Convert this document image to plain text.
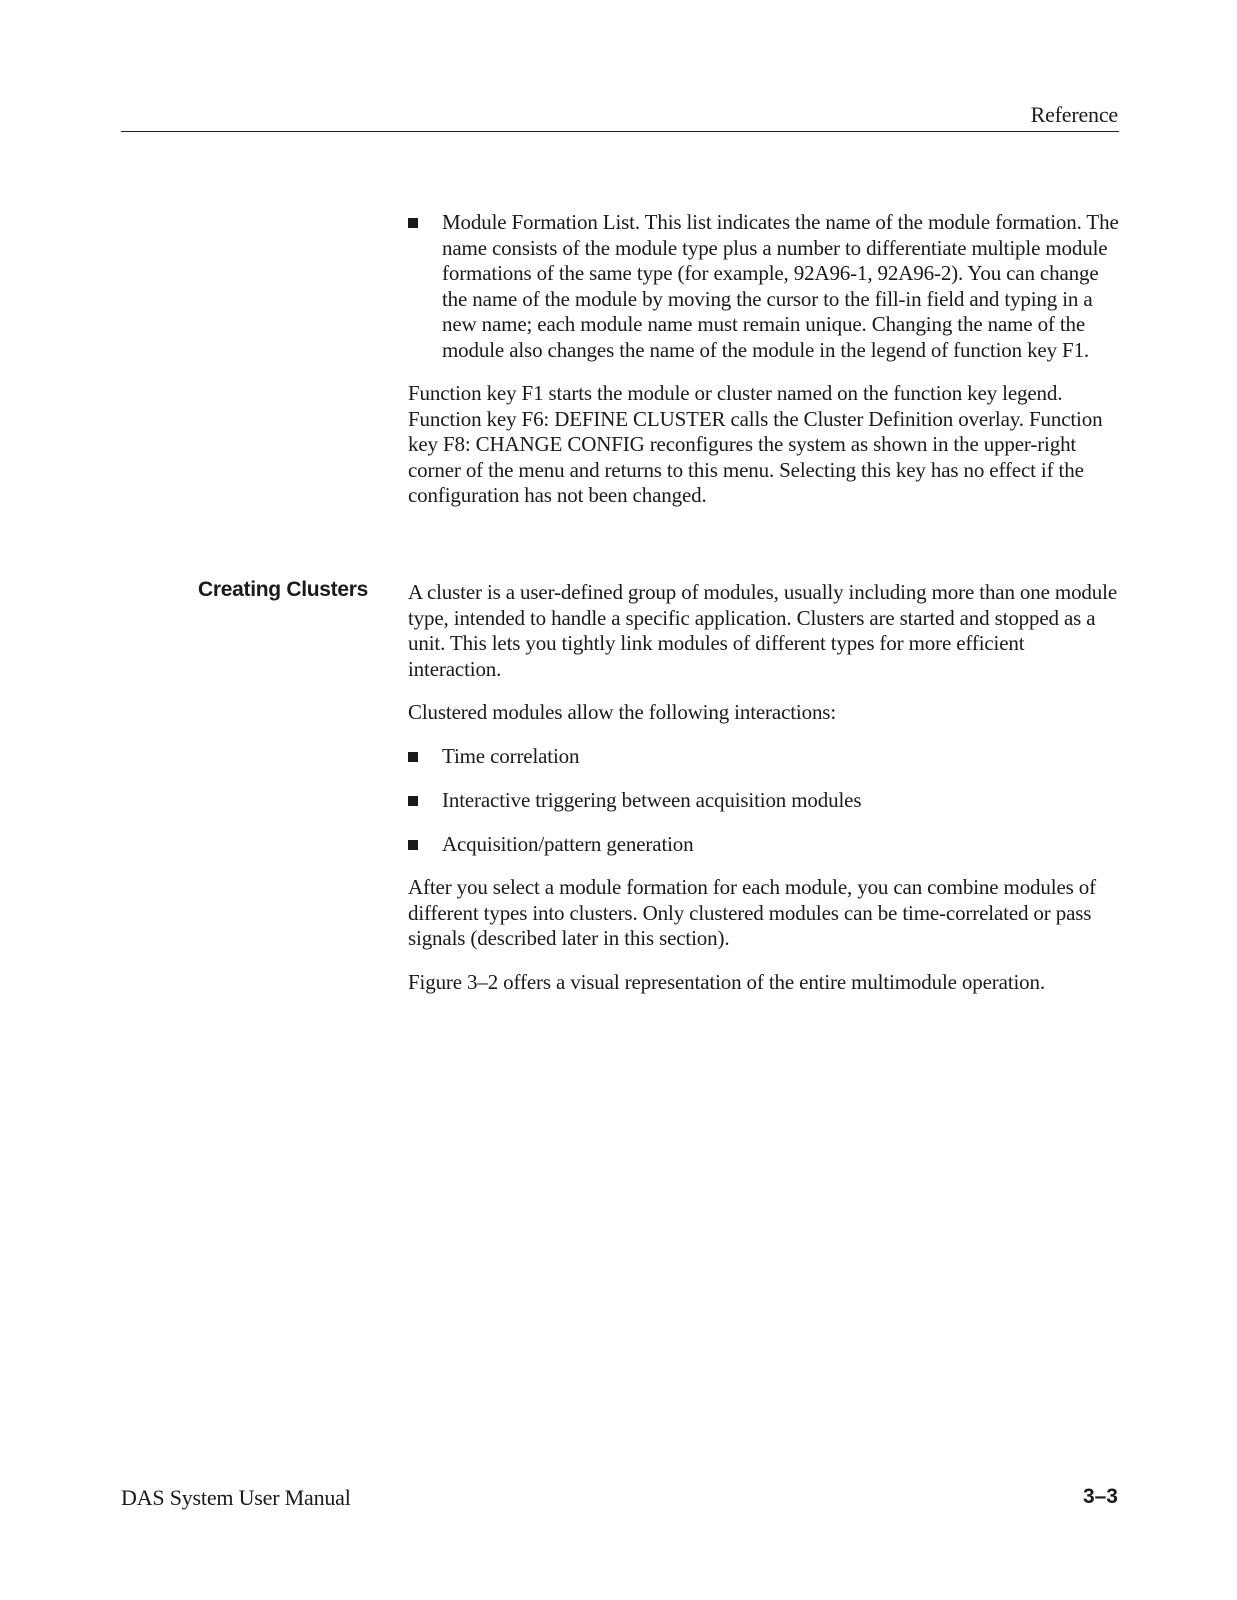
Reference

Module Formation List. This list indicates the name of the module formation. The name consists of the module type plus a number to differentiate multiple module formations of the same type (for example, 92A96-1, 92A96-2). You can change the name of the module by moving the cursor to the fill-in field and typing in a new name; each module name must remain unique. Changing the name of the module also changes the name of the module in the legend of function key F1.

Function key F1 starts the module or cluster named on the function key legend. Function key F6: DEFINE CLUSTER calls the Cluster Definition overlay. Function key F8: CHANGE CONFIG reconfigures the system as shown in the upper-right corner of the menu and returns to this menu. Selecting this key has no effect if the configuration has not been changed.

Creating Clusters A cluster is a user-defined group of modules, usually including more than one module type, intended to handle a specific application. Clusters are started and stopped as a unit. This lets you tightly link modules of different types for more efficient interaction.

Clustered modules allow the following interactions:

Time correlation

Interactive triggering between acquisition modules

Acquisition/pattern generation

After you select a module formation for each module, you can combine modules of different types into clusters. Only clustered modules can be time-correlated or pass signals (described later in this section).

Figure 3–2 offers a visual representation of the entire multimodule operation.

DAS System User Manual	3–3
